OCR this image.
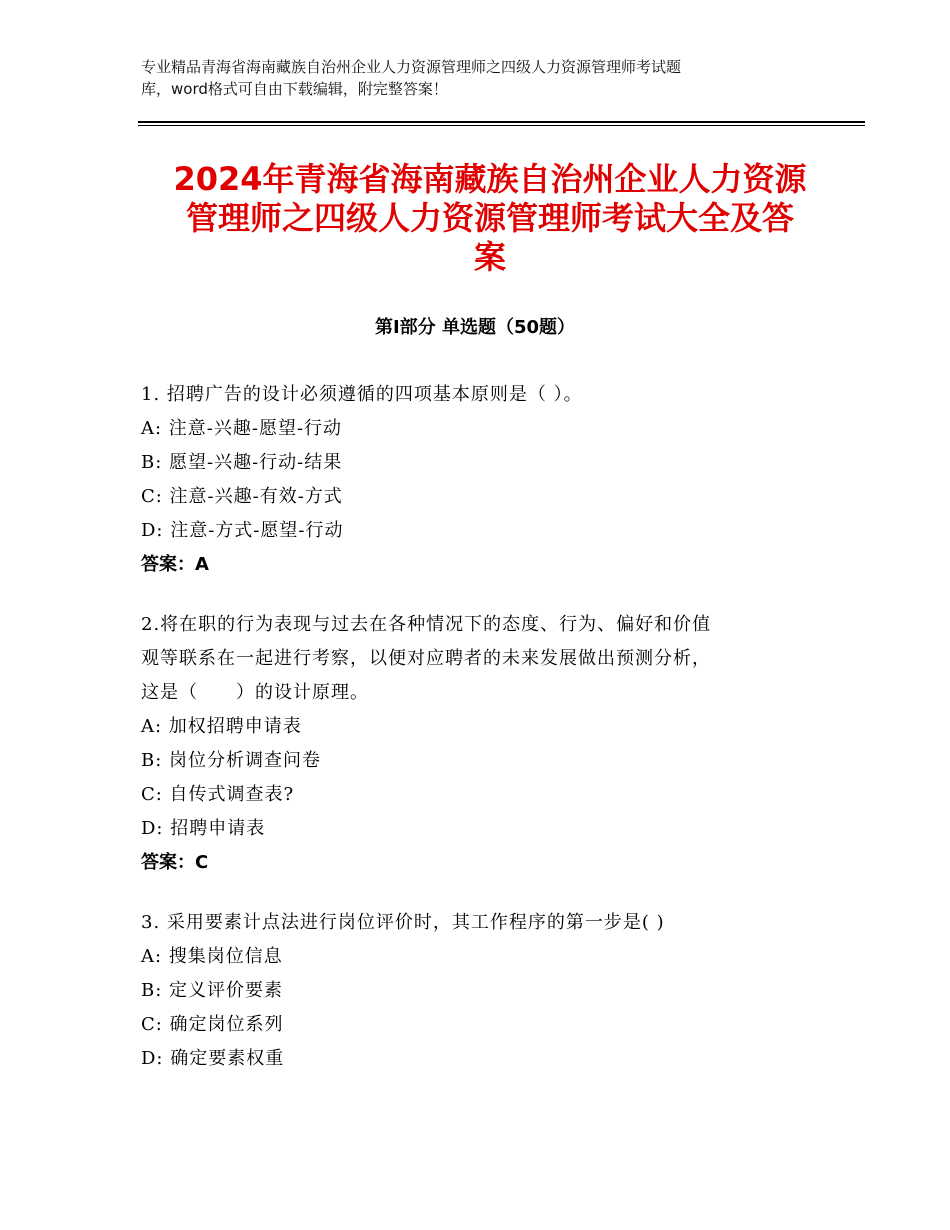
专业精品青海省海南藏族自治州企业人力资源管理师之四级人力资源管理师考试题
库，word格式可自由下载编辑，附完整答案！
2024年青海省海南藏族自治州企业人力资源
管理师之四级人力资源管理师考试大全及答
案
第Ⅰ部分 单选题（50题）
1. 招聘广告的设计必须遵循的四项基本原则是（ ）。
A: 注意-兴趣-愿望-行动
B: 愿望-兴趣-行动-结果
C: 注意-兴趣-有效-方式
D: 注意-方式-愿望-行动
答案：A
2.将在职的行为表现与过去在各种情况下的态度、行为、偏好和价值
观等联系在一起进行考察，以便对应聘者的未来发展做出预测分析，
这是（　　）的设计原理。
A: 加权招聘申请表
B: 岗位分析调查问卷
C: 自传式调查表?
D: 招聘申请表
答案：C
3. 采用要素计点法进行岗位评价时，其工作程序的第一步是( )
A: 搜集岗位信息
B: 定义评价要素
C: 确定岗位系列
D: 确定要素权重
